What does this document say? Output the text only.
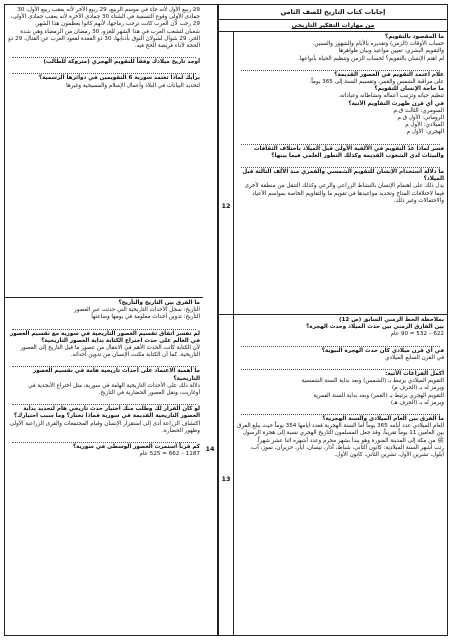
29 ربيع الأول لأنه جاء في موسم الربيع، 29 ربيع الآخر لأنه يعقب ربيع الأول، 30 جمادى الأولى وقوع التسمية في الشتاء 30 جمادى الآخرة لأنه يعقب جمادى الأولى، 29 رجب لأن العرب كانت ترجب رماحها، لأنهم كانوا يعظمون هذا الشهر.
شعبان لتشعب العرب في هذا الشهر للغزو، 30 رمضان من الرمضاء وهي شدة الحر، 29 شوال لشولان النوق بأذنابها، 30 ذو القعدة لقعود العرب عن القتال، 29 ذو الحجة لأداء فريضة الحج فيه.
أوجد تاريخ ميلادك وفقاً للتقويم الهجري (متروكة للطالب)
برأيك لماذا تعتمد سورية 6 التقويمين في دوائرها الرسمية؟
لتحديد البيانات في البلاد وأعمال الإسلام والمسيحية وغيرها
ما الفرق بين التاريخ والتأريخ؟
التاريخ: سجل الأحداث التاريخية التي حدثت عبر العصور
التأريخ: تدوين أحداث معلومة في يومها وساعتها
لم تفسر اتفاق تقسيم العصور التاريخية في سورية مع تقسيم العصور في العالم على حدث اختراع الكتابة بداية العصور التاريخية؟
لأن الكتابة كانت الحدث الأهم في الانتقال من عصور ما قبل التاريخ إلى العصور التاريخية، كما أن الكتابة مكنت الإنسان من تدوين أحداثه.
ما أهمية الاعتماد على أحداث تاريخية هامة في تقسيم العصور التاريخية؟
دلالة ذلك على الأحداث التاريخية الهامة في سورية، مثل اختراع الأبجدية في أوغاريت، ونقل العصور الحضارية في التاريخ.
لو كان القرار لك وطلب منك اختيار حدث تاريخي هام لتحديد بداية العصور التاريخية القديمة في سورية فماذا تختار؟ وما سبب اختيارك؟
اكتشاف الزراعة أدى إلى استقرار الإنسان وقيام المجتمعات والقرى الزراعية الأولى وظهور الحضارة.
كم قرناً استمرت العصور الوسطى في سورية؟
1187 – 662 = 525 عام
14
إجابات كتاب التاريخ للصف الثامن
من مهارات التفكير التاريخي
12
ما المقصود بالتقويم؟
حساب الأوقات (الزمن) وتقديره بالأيام والشهور والسنين.
والتقويم البشري: تعيين مواعيد وبيان ظواهرها
لم اهتم الإنسان بالتقويم؟ لحساب الزمن وتنظيم الحياة بأنواعها.
علام اعتمد التقويم في العصور القديمة؟
على مراقبة الشمس والقمر، وتقسيم السنة إلى 365 يوماً.
ما حاجة الإنسان للتقويم؟
تنظيم حياته وترتيب أعماله ونشاطاته وعباداته.
في أي قرن ظهرت التقاويم الآتية؟
السومري: الثالث ق.م
الروماني: الأول ق.م
الميلادي: الأول م
الهجري: الأول م
فسر لماذا عدّ التقويم في الألفية الأولى قبل الميلاد باختلاف الثقافات والبيئات لدى الشعوب القديمة وكذلك التطور العلمي فيما بينها؟
ما دلالة استخدام الإنسان للتقويم الشمسي والقمري منذ الألف الثالثة قبل الميلاد؟
يدل ذلك على اهتمام الإنسان بالنشاط الزراعي والرعي وكذلك التنقل من منطقة لأخرى فيما لاختلافات المناخ وتحديد مواعيدها في تقويم ما والتقاويم الخاصة بمواسم الأعياد والاحتفالات وغير ذلك.
13
بملاحظة الخط الزمني السابق (ص 12)
بين الفارق الزمني بين حدث الميلاد وحدث الهجرة؟
622 – 532 = 90 عام
في أي قرن ميلادي كان حدث الهجرة النبوية؟
في القرن السابع الميلادي
أكمل الفراغات الآتية:
التقويم الميلادي يرتبط بـ (الشمس) وبعد بداية السنة الشمسية
ويرمز له بـ (الحرف م)
التقويم الهجري يرتبط بـ (القمر) وبعد بداية السنة القمرية
ويرمز له بـ (الحرف هـ)
ما الفرق بين العام الميلادي والسنة الهجرية؟
العام الميلادي عدد أيامه 365 يوماً أما السنة الهجرية فعدد أيامها 354 يوماً حيث يبلغ الفرق بين العامين 11 يوماً تقريباً، وقد جعل المسلمون التاريخ الهجري نسبة إلى هجرة الرسول ﷺ من مكة إلى المدينة المنورة وهو يبدأ بشهر محرم وعدد أشهره اثنا عشر شهراً.
رتب أشهر السنة الميلادية: كانون الثاني، شباط، آذار، نيسان، أيار، حزيران، تموز، آب، أيلول، تشرين الأول، تشرين الثاني، كانون الأول.
